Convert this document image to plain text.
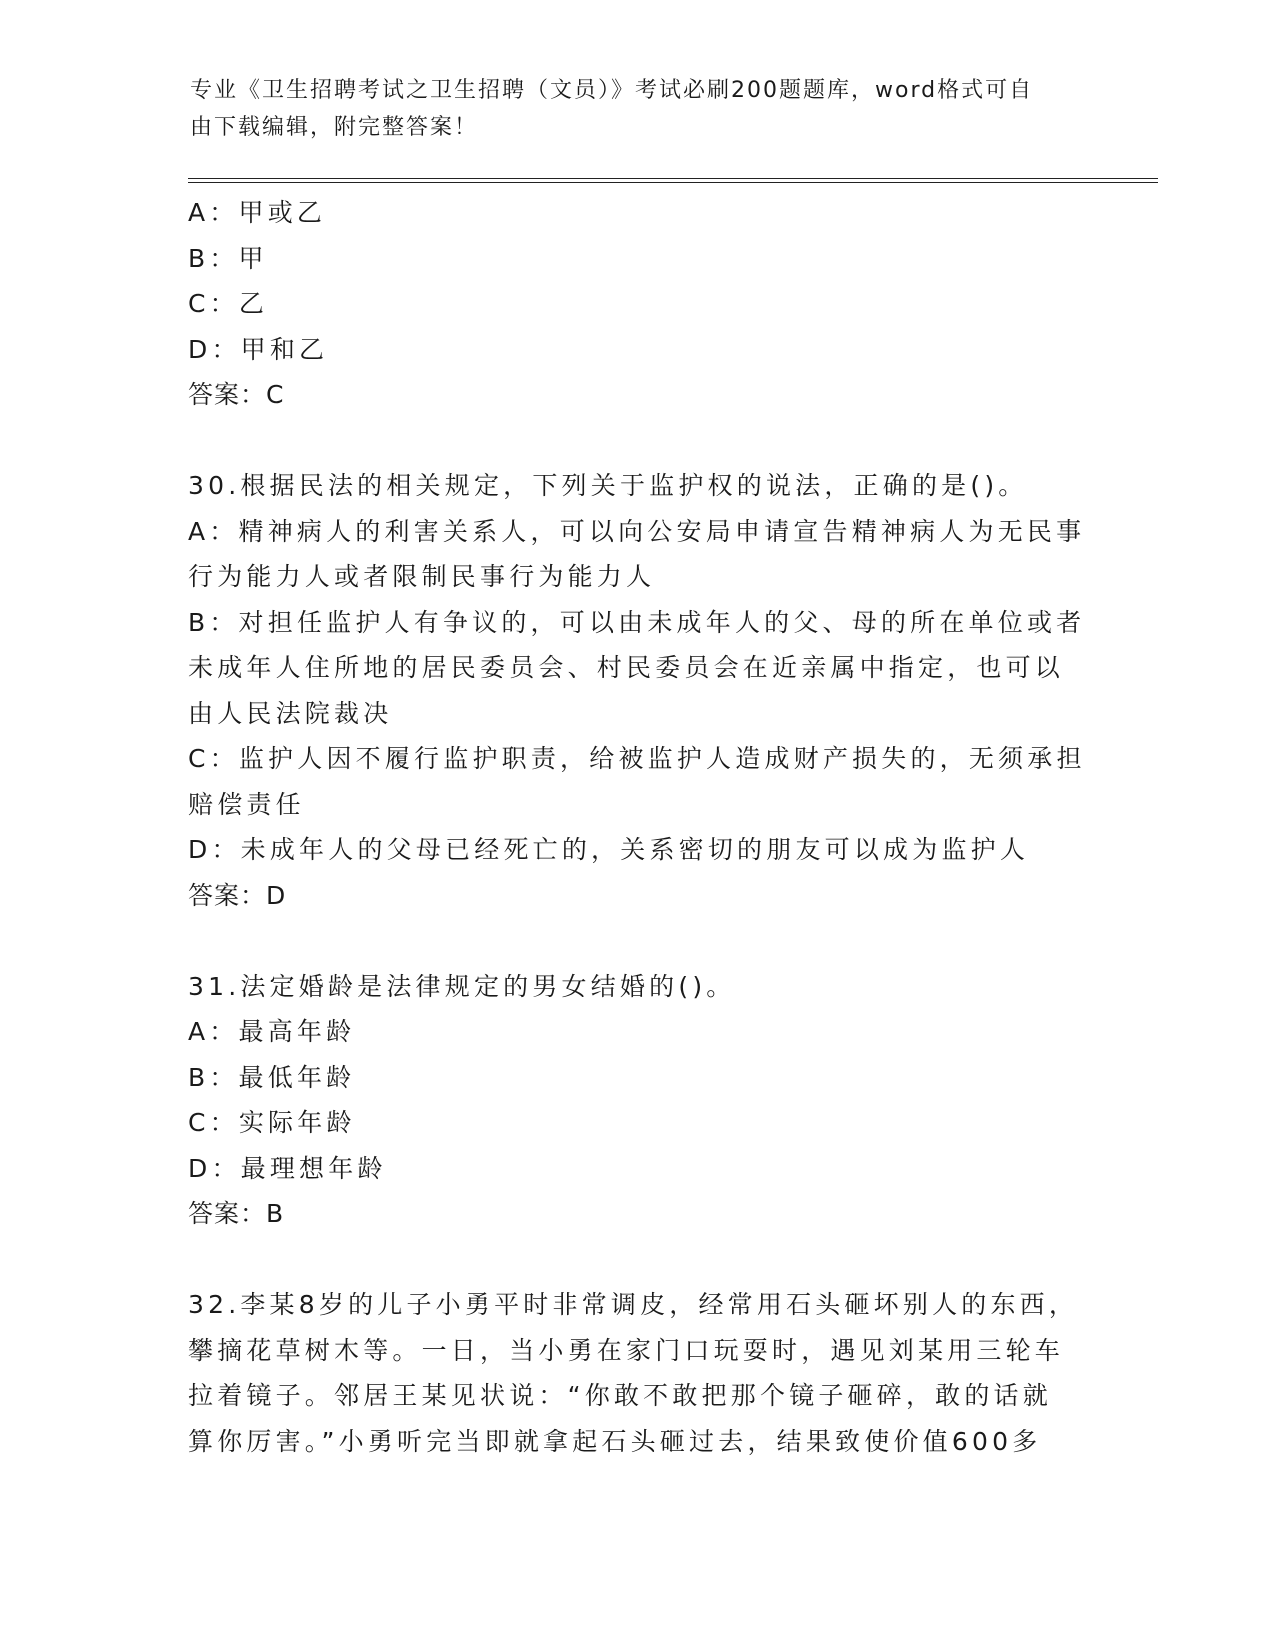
专业《卫生招聘考试之卫生招聘（文员）》考试必刷200题题库，word格式可自
由下载编辑，附完整答案！
A：甲或乙
B：甲
C：乙
D：甲和乙
答案：C
30.根据民法的相关规定，下列关于监护权的说法，正确的是()。
A：精神病人的利害关系人，可以向公安局申请宣告精神病人为无民事
行为能力人或者限制民事行为能力人
B：对担任监护人有争议的，可以由未成年人的父、母的所在单位或者
未成年人住所地的居民委员会、村民委员会在近亲属中指定，也可以
由人民法院裁决
C：监护人因不履行监护职责，给被监护人造成财产损失的，无须承担
赔偿责任
D：未成年人的父母已经死亡的，关系密切的朋友可以成为监护人
答案：D
31.法定婚龄是法律规定的男女结婚的()。
A：最高年龄
B：最低年龄
C：实际年龄
D：最理想年龄
答案：B
32.李某8岁的儿子小勇平时非常调皮，经常用石头砸坏别人的东西，
攀摘花草树木等。一日，当小勇在家门口玩耍时，遇见刘某用三轮车
拉着镜子。邻居王某见状说：“你敢不敢把那个镜子砸碎，敢的话就
算你厉害。”小勇听完当即就拿起石头砸过去，结果致使价值600多
